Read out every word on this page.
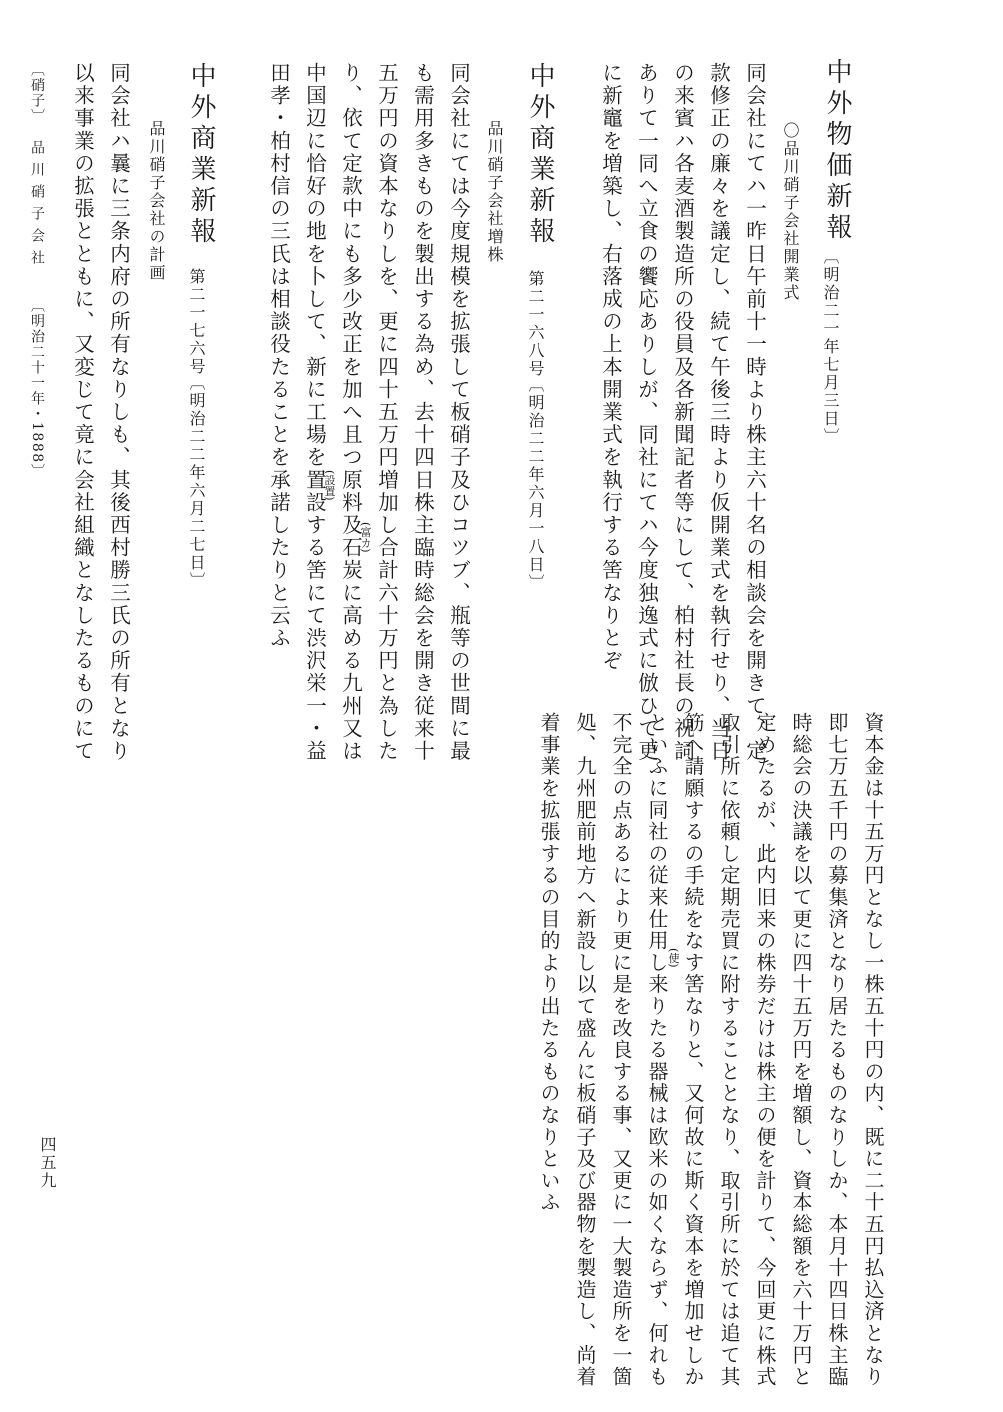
中外物価新報
〔明治二一年七月三日〕
〇品川硝子会社開業式
同会社にてハ一昨日午前十一時より株主六十名の相談会を開きて、定
款修正の廉々を議定し、続て午後三時より仮開業式を執行せり、当日
の来賓ハ各麦酒製造所の役員及各新聞記者等にして、柏村社長の祝詞
ありて一同へ立食の饗応ありしが、同社にてハ今度独逸式に倣ひて更
に新竈を増築し、右落成の上本開業式を執行する筈なりとぞ
中外商業新報
第二一六八号
〔明治二二年六月一八日〕
品川硝子会社増株
同会社にては今度規模を拡張して板硝子及ひコツブ、瓶等の世間に最
も需用多きものを製出する為め、去十四日株主臨時総会を開き従来十
五万円の資本なりしを、更に四十五万円増加し合計六十万円と為した
り、依て定款中にも多少改正を加へ且つ原料及石炭に高める九州又は
(富カ)
中国辺に恰好の地を卜して、新に工場を置設する筈にて渋沢栄一・益
(設置)
田孝・柏村信の三氏は相談役たることを承諾したりと云ふ
中外商業新報
第二一七六号
〔明治二二年六月二七日〕
品川硝子会社の計画
同会社ハ曩に三条内府の所有なりしも、其後西村勝三氏の所有となり
以来事業の拡張とともに、又変じて竟に会社組織となしたるものにて
〔硝子〕
品川硝子会社
〔明治二十一年・1888〕
資本金は十五万円となし一株五十円の内、既に二十五円払込済となり
即七万五千円の募集済となり居たるものなりしか、本月十四日株主臨
時総会の決議を以て更に四十五万円を増額し、資本総額を六十万円と
定めたるが、此内旧来の株券だけは株主の便を計りて、今回更に株式
取引所に依頼し定期売買に附することとなり、取引所に於ては追て其
筋へ請願するの手続をなす筈なりと、又何故に斯く資本を増加せしか
といふに同社の従来仕用し来りたる器械は欧米の如くならず、何れも
(使)
不完全の点あるにより更に是を改良する事、又更に一大製造所を一箇
処、九州肥前地方へ新設し以て盛んに板硝子及び器物を製造し、尚着
着事業を拡張するの目的より出たるものなりといふ
四五九
